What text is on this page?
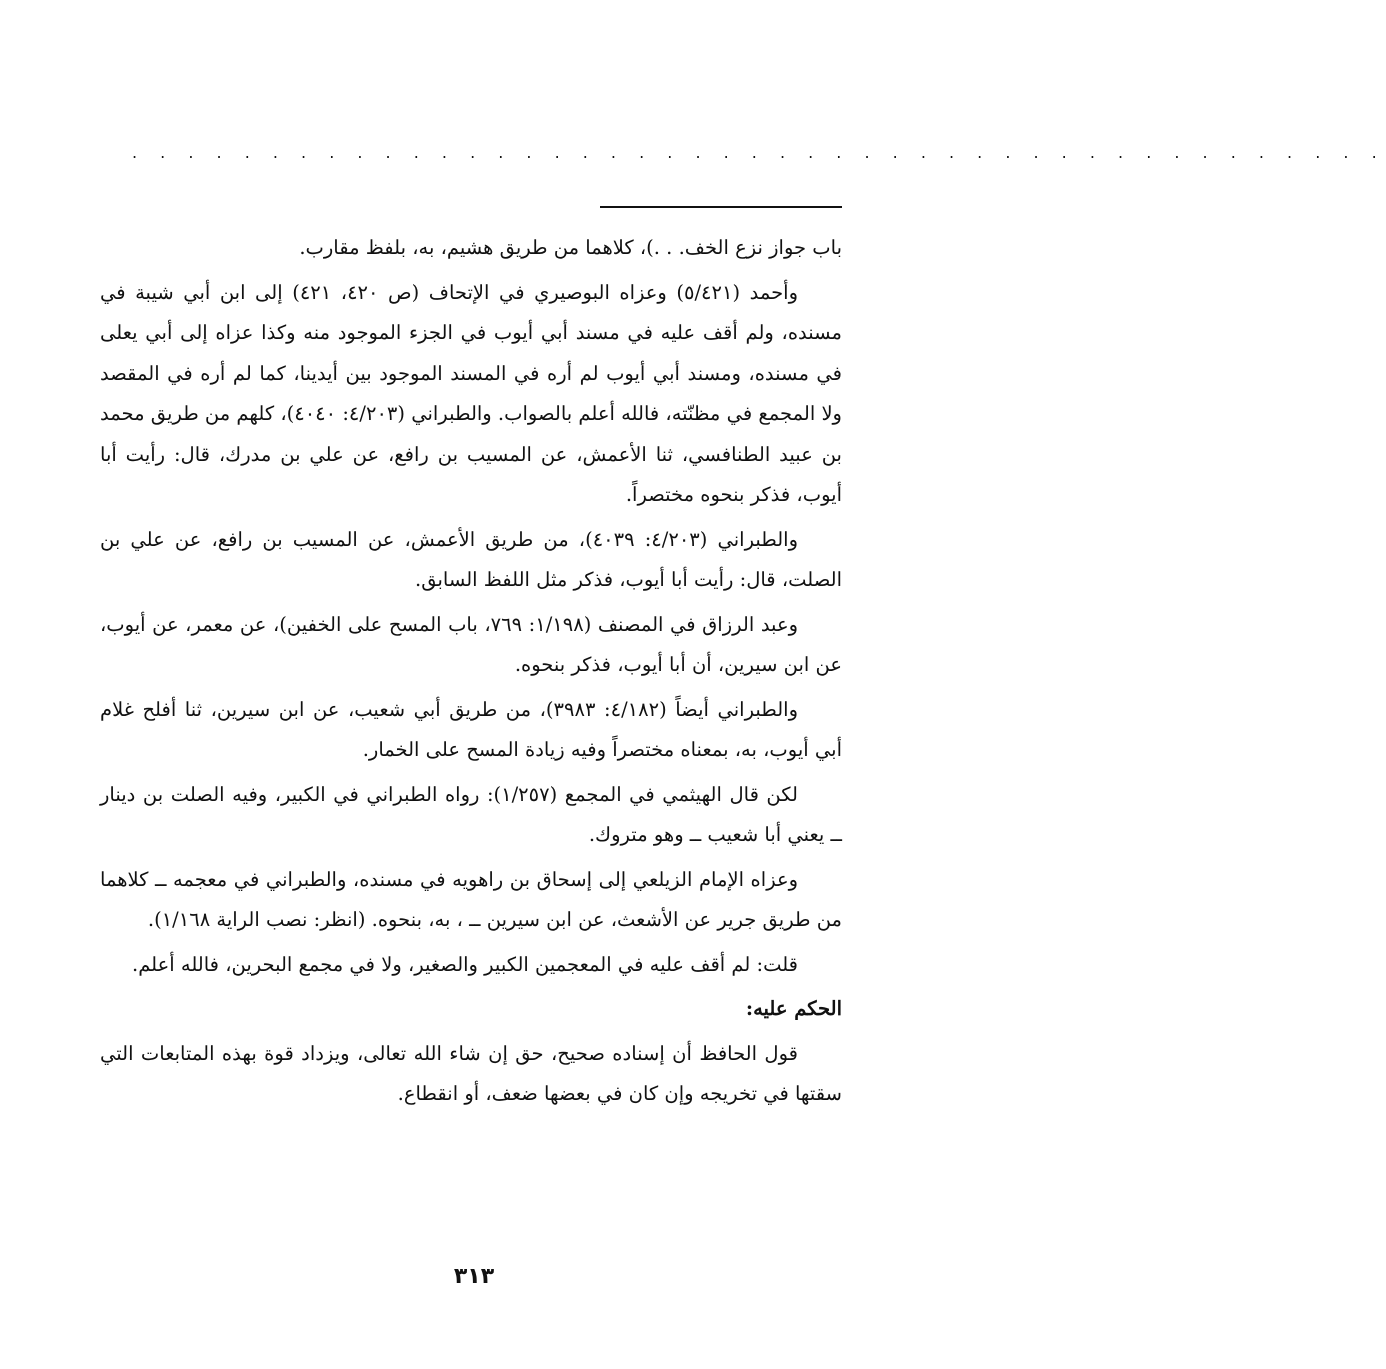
. . . . . . . . . . . . . . . . . . . . . . . . . . . . . . . . . . . . . . . . . . . . .

باب جواز نزع الخف. . .)، كلاهما من طريق هشيم، به، بلفظ مقارب.

وأحمد (٥/٤٢١) وعزاه البوصيري في الإتحاف (ص ٤٢٠، ٤٢١) إلى ابن أبي شيبة في مسنده، ولم أقف عليه في مسند أبي أيوب في الجزء الموجود منه وكذا عزاه إلى أبي يعلى في مسنده، ومسند أبي أيوب لم أره في المسند الموجود بين أيدينا، كما لم أره في المقصد ولا المجمع في مظنّته، فالله أعلم بالصواب. والطبراني (٤/٢٠٣: ٤٠٤٠)، كلهم من طريق محمد بن عبيد الطنافسي، ثنا الأعمش، عن المسيب بن رافع، عن علي بن مدرك، قال: رأيت أبا أيوب، فذكر بنحوه مختصراً.

والطبراني (٤/٢٠٣: ٤٠٣٩)، من طريق الأعمش، عن المسيب بن رافع، عن علي بن الصلت، قال: رأيت أبا أيوب، فذكر مثل اللفظ السابق.

وعبد الرزاق في المصنف (١/١٩٨: ٧٦٩، باب المسح على الخفين)، عن معمر، عن أيوب، عن ابن سيرين، أن أبا أيوب، فذكر بنحوه.

والطبراني أيضاً (٤/١٨٢: ٣٩٨٣)، من طريق أبي شعيب، عن ابن سيرين، ثنا أفلح غلام أبي أيوب، به، بمعناه مختصراً وفيه زيادة المسح على الخمار.

لكن قال الهيثمي في المجمع (١/٢٥٧): رواه الطبراني في الكبير، وفيه الصلت بن دينار ــ يعني أبا شعيب ــ وهو متروك.

وعزاه الإمام الزيلعي إلى إسحاق بن راهويه في مسنده، والطبراني في معجمه ــ كلاهما من طريق جرير عن الأشعث، عن ابن سيرين ــ ، به، بنحوه. (انظر: نصب الراية ١/١٦٨).

قلت: لم أقف عليه في المعجمين الكبير والصغير، ولا في مجمع البحرين، فالله أعلم.

الحكم عليه:

قول الحافظ أن إسناده صحيح، حق إن شاء الله تعالى، ويزداد قوة بهذه المتابعات التي سقتها في تخريجه وإن كان في بعضها ضعف، أو انقطاع.

٣١٣
